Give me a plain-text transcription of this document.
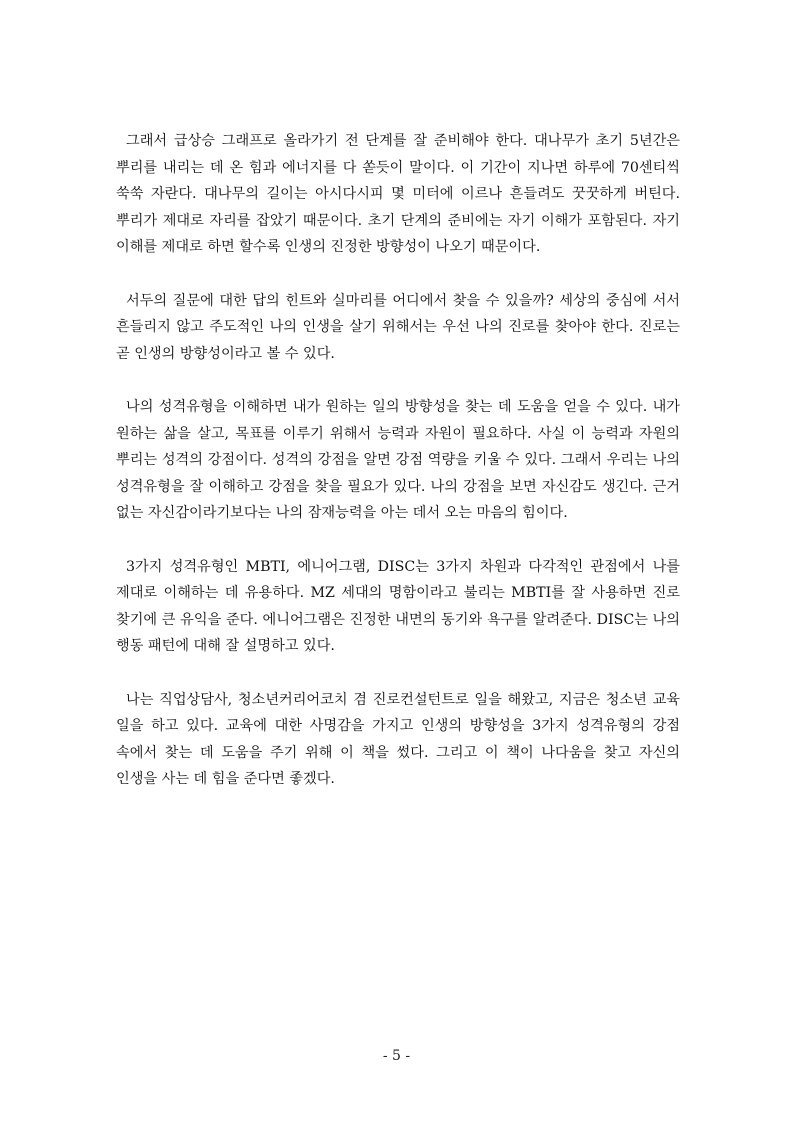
그래서 급상승 그래프로 올라가기 전 단계를 잘 준비해야 한다. 대나무가 초기 5년간은 뿌리를 내리는 데 온 힘과 에너지를 다 쏟듯이 말이다. 이 기간이 지나면 하루에 70센티씩 쑥쑥 자란다. 대나무의 길이는 아시다시피 몇 미터에 이르나 흔들려도 꿋꿋하게 버틴다. 뿌리가 제대로 자리를 잡았기 때문이다. 초기 단계의 준비에는 자기 이해가 포함된다. 자기 이해를 제대로 하면 할수록 인생의 진정한 방향성이 나오기 때문이다.

서두의 질문에 대한 답의 힌트와 실마리를 어디에서 찾을 수 있을까? 세상의 중심에 서서 흔들리지 않고 주도적인 나의 인생을 살기 위해서는 우선 나의 진로를 찾아야 한다. 진로는 곧 인생의 방향성이라고 볼 수 있다.

나의 성격유형을 이해하면 내가 원하는 일의 방향성을 찾는 데 도움을 얻을 수 있다. 내가 원하는 삶을 살고, 목표를 이루기 위해서 능력과 자원이 필요하다. 사실 이 능력과 자원의 뿌리는 성격의 강점이다. 성격의 강점을 알면 강점 역량을 키울 수 있다. 그래서 우리는 나의 성격유형을 잘 이해하고 강점을 찾을 필요가 있다. 나의 강점을 보면 자신감도 생긴다. 근거 없는 자신감이라기보다는 나의 잠재능력을 아는 데서 오는 마음의 힘이다.

3가지 성격유형인 MBTI, 에니어그램, DISC는 3가지 차원과 다각적인 관점에서 나를 제대로 이해하는 데 유용하다. MZ 세대의 명함이라고 불리는 MBTI를 잘 사용하면 진로 찾기에 큰 유익을 준다. 에니어그램은 진정한 내면의 동기와 욕구를 알려준다. DISC는 나의 행동 패턴에 대해 잘 설명하고 있다.

나는 직업상담사, 청소년커리어코치 겸 진로컨설턴트로 일을 해왔고, 지금은 청소년 교육 일을 하고 있다. 교육에 대한 사명감을 가지고 인생의 방향성을 3가지 성격유형의 강점 속에서 찾는 데 도움을 주기 위해 이 책을 썼다. 그리고 이 책이 나다움을 찾고 자신의 인생을 사는 데 힘을 준다면 좋겠다.

- 5 -
